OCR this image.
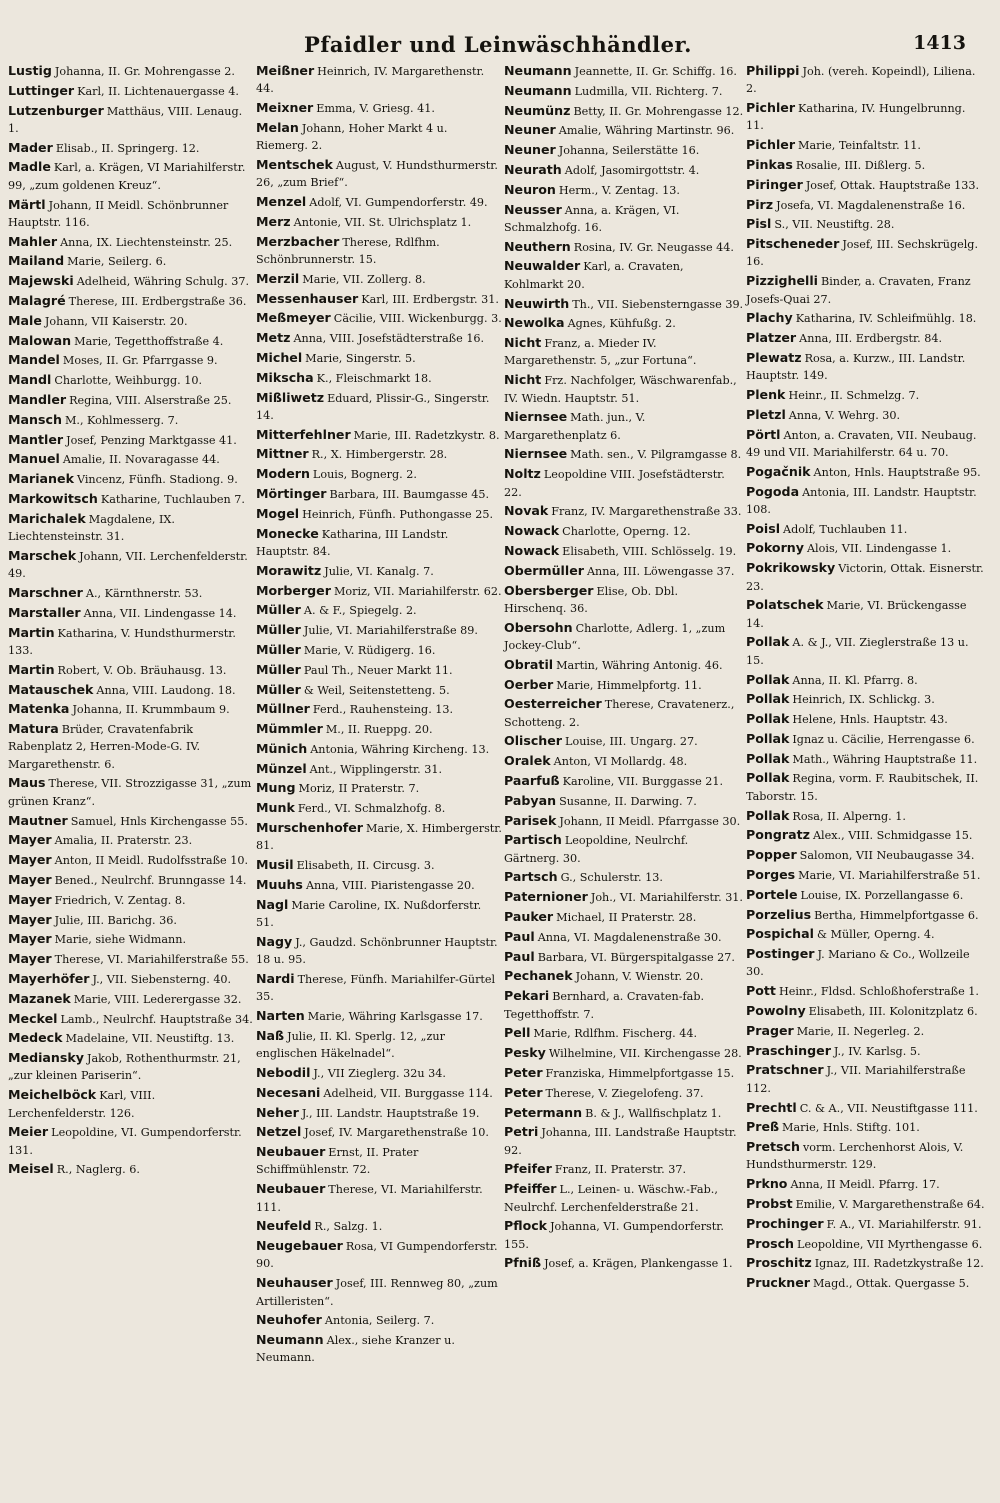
Pfaidler und Leinwäschhändler.	1413
Lustig Johanna, II. Gr. Mohrengasse 2.
Luttinger Karl, II. Lichtenauergasse 4.
Lutzenburger Matthäus, VIII. Lenaug. 1.
Mader Elisab., II. Springerg. 12.
Madle Karl, a. Krägen, VI Mariahilferstr. 99, „zum goldenen Kreuz“.
Märtl Johann, II Meidl. Schönbrunner Hauptstr. 116.
Mahler Anna, IX. Liechtensteinstr. 25.
Mailand Marie, Seilerg. 6.
Majewski Adelheid, Währing Schulg. 37.
Malagré Therese, III. Erdbergstraße 36.
Male Johann, VII Kaiserstr. 20.
Malowan Marie, Tegetthoffstraße 4.
Mandel Moses, II. Gr. Pfarrgasse 9.
Mandl Charlotte, Weihburgg. 10.
Mandler Regina, VIII. Alserstraße 25.
Mansch M., Kohlmesserg. 7.
Mantler Josef, Penzing Marktgasse 41.
Manuel Amalie, II. Novaragasse 44.
Marianek Vincenz, Fünfh. Stadiong. 9.
Markowitsch Katharine, Tuchlauben 7.
Marichalek Magdalene, IX. Liechtensteinstr. 31.
Marschek Johann, VII. Lerchenfelderstr. 49.
Marschner A., Kärnthnerstr. 53.
Marstaller Anna, VII. Lindengasse 14.
Martin Katharina, V. Hundsthurmerstr. 133.
Martin Robert, V. Ob. Bräuhausg. 13.
Matauschek Anna, VIII. Laudong. 18.
Matenka Johanna, II. Krummbaum 9.
Matura Brüder, Cravatenfabrik Rabenplatz 2, Herren-Mode-G. IV. Margarethenstr. 6.
Maus Therese, VII. Strozzigasse 31, „zum grünen Kranz“.
Mautner Samuel, Hnls Kirchengasse 55.
Mayer Amalia, II. Praterstr. 23.
Mayer Anton, II Meidl. Rudolfsstraße 10.
Mayer Bened., Neulrchf. Brunngasse 14.
Mayer Friedrich, V. Zentag. 8.
Mayer Julie, III. Barichg. 36.
Mayer Marie, siehe Widmann.
Mayer Therese, VI. Mariahilferstraße 55.
Mayerhöfer J., VII. Siebensterng. 40.
Mazanek Marie, VIII. Lederergasse 32.
Meckel Lamb., Neulrchf. Hauptstraße 34.
Medeck Madelaine, VII. Neustiftg. 13.
Mediansky Jakob, Rothenthurmstr. 21, „zur kleinen Pariserin“.
Meichelböck Karl, VIII. Lerchenfelderstr. 126.
Meier Leopoldine, VI. Gumpendorferstr. 131.
Meisel R., Naglerg. 6.
Meißner Heinrich, IV. Margarethenstr. 44.
Meixner Emma, V. Griesg. 41.
Melan Johann, Hoher Markt 4 u. Riemerg. 2.
Mentschek August, V. Hundsthurmerstr. 26, „zum Brief“.
Menzel Adolf, VI. Gumpendorferstr. 49.
Merz Antonie, VII. St. Ulrichsplatz 1.
Merzbacher Therese, Rdlfhm. Schönbrunnerstr. 15.
Merzil Marie, VII. Zollerg. 8.
Messenhauser Karl, III. Erdbergstr. 31.
Meßmeyer Cäcilie, VIII. Wickenburgg. 3.
Metz Anna, VIII. Josefstädterstraße 16.
Michel Marie, Singerstr. 5.
Mikscha K., Fleischmarkt 18.
Mißliwetz Eduard, Plissir-G., Singerstr. 14.
Mitterfehlner Marie, III. Radetzkystr. 8.
Mittner R., X. Himbergerstr. 28.
Modern Louis, Bognerg. 2.
Mörtinger Barbara, III. Baumgasse 45.
Mogel Heinrich, Fünfh. Puthongasse 25.
Monecke Katharina, III Landstr. Hauptstr. 84.
Morawitz Julie, VI. Kanalg. 7.
Morberger Moriz, VII. Mariahilferstr. 62.
Müller A. & F., Spiegelg. 2.
Müller Julie, VI. Mariahilferstraße 89.
Müller Marie, V. Rüdigerg. 16.
Müller Paul Th., Neuer Markt 11.
Müller & Weil, Seitenstetteng. 5.
Müllner Ferd., Rauhensteing. 13.
Mümmler M., II. Rueppg. 20.
Münich Antonia, Währing Kircheng. 13.
Münzel Ant., Wipplingerstr. 31.
Mung Moriz, II Praterstr. 7.
Munk Ferd., VI. Schmalzhofg. 8.
Murschenhofer Marie, X. Himbergerstr. 81.
Musil Elisabeth, II. Circusg. 3.
Muuhs Anna, VIII. Piaristengasse 20.
Nagl Marie Caroline, IX. Nußdorferstr. 51.
Nagy J., Gaudzd. Schönbrunner Hauptstr. 18 u. 95.
Nardi Therese, Fünfh. Mariahilfer-Gürtel 35.
Narten Marie, Währing Karlsgasse 17.
Naß Julie, II. Kl. Sperlg. 12, „zur englischen Häkelnadel“.
Nebodil J., VII Zieglerg. 32u 34.
Necesani Adelheid, VII. Burggasse 114.
Neher J., III. Landstr. Hauptstraße 19.
Netzel Josef, IV. Margarethenstraße 10.
Neubauer Ernst, II. Prater Schiffmühlenstr. 72.
Neubauer Therese, VI. Mariahilferstr. 111.
Neufeld R., Salzg. 1.
Neugebauer Rosa, VI Gumpendorferstr. 90.
Neuhauser Josef, III. Rennweg 80, „zum Artilleristen“.
Neuhofer Antonia, Seilerg. 7.
Neumann Alex., siehe Kranzer u. Neumann.
Neumann Jeannette, II. Gr. Schiffg. 16.
Neumann Ludmilla, VII. Richterg. 7.
Neumünz Betty, II. Gr. Mohrengasse 12.
Neuner Amalie, Währing Martinstr. 96.
Neuner Johanna, Seilerstätte 16.
Neurath Adolf, Jasomirgottstr. 4.
Neuron Herm., V. Zentag. 13.
Neusser Anna, a. Krägen, VI. Schmalzhofg. 16.
Neuthern Rosina, IV. Gr. Neugasse 44.
Neuwalder Karl, a. Cravaten, Kohlmarkt 20.
Neuwirth Th., VII. Siebensterngasse 39.
Newolka Agnes, Kühfußg. 2.
Nicht Franz, a. Mieder IV. Margarethenstr. 5, „zur Fortuna“.
Nicht Frz. Nachfolger, Wäschwarenfab., IV. Wiedn. Hauptstr. 51.
Niernsee Math. jun., V. Margarethenplatz 6.
Niernsee Math. sen., V. Pilgramgasse 8.
Noltz Leopoldine VIII. Josefstädterstr. 22.
Novak Franz, IV. Margarethenstraße 33.
Nowack Charlotte, Operng. 12.
Nowack Elisabeth, VIII. Schlösselg. 19.
Obermüller Anna, III. Löwengasse 37.
Obersberger Elise, Ob. Dbl. Hirschenq. 36.
Obersohn Charlotte, Adlerg. 1, „zum Jockey-Club“.
Obratil Martin, Währing Antonig. 46.
Oerber Marie, Himmelpfortg. 11.
Oesterreicher Therese, Cravatenerz., Schotteng. 2.
Olischer Louise, III. Ungarg. 27.
Oralek Anton, VI Mollardg. 48.
Paarfuß Karoline, VII. Burggasse 21.
Pabyan Susanne, II. Darwing. 7.
Parisek Johann, II Meidl. Pfarrgasse 30.
Partisch Leopoldine, Neulrchf. Gärtnerg. 30.
Partsch G., Schulerstr. 13.
Paternioner Joh., VI. Mariahilferstr. 31.
Pauker Michael, II Praterstr. 28.
Paul Anna, VI. Magdalenenstraße 30.
Paul Barbara, VI. Bürgerspitalgasse 27.
Pechanek Johann, V. Wienstr. 20.
Pekari Bernhard, a. Cravaten-fab. Tegetthoffstr. 7.
Pell Marie, Rdlfhm. Fischerg. 44.
Pesky Wilhelmine, VII. Kirchengasse 28.
Peter Franziska, Himmelpfortgasse 15.
Peter Therese, V. Ziegelofeng. 37.
Petermann B. & J., Wallfischplatz 1.
Petri Johanna, III. Landstraße Hauptstr. 92.
Pfeifer Franz, II. Praterstr. 37.
Pfeiffer L., Leinen- u. Wäschw.-Fab., Neulrchf. Lerchenfelderstraße 21.
Pflock Johanna, VI. Gumpendorferstr. 155.
Pfniß Josef, a. Krägen, Plankengasse 1.
Philippi Joh. (vereh. Kopeindl), Liliena. 2.
Pichler Katharina, IV. Hungelbrunng. 11.
Pichler Marie, Teinfaltstr. 11.
Pinkas Rosalie, III. Dißlerg. 5.
Piringer Josef, Ottak. Hauptstraße 133.
Pirz Josefa, VI. Magdalenenstraße 16.
Pisl S., VII. Neustiftg. 28.
Pitscheneder Josef, III. Sechskrügelg. 16.
Pizzighelli Binder, a. Cravaten, Franz Josefs-Quai 27.
Plachy Katharina, IV. Schleifmühlg. 18.
Platzer Anna, III. Erdbergstr. 84.
Plewatz Rosa, a. Kurzw., III. Landstr. Hauptstr. 149.
Plenk Heinr., II. Schmelzg. 7.
Pletzl Anna, V. Wehrg. 30.
Pörtl Anton, a. Cravaten, VII. Neubaug. 49 und VII. Mariahilferstr. 64 u. 70.
Pogačnik Anton, Hnls. Hauptstraße 95.
Pogoda Antonia, III. Landstr. Hauptstr. 108.
Poisl Adolf, Tuchlauben 11.
Pokorny Alois, VII. Lindengasse 1.
Pokrikowsky Victorin, Ottak. Eisnerstr. 23.
Polatschek Marie, VI. Brückengasse 14.
Pollak A. & J., VII. Zieglerstraße 13 u. 15.
Pollak Anna, II. Kl. Pfarrg. 8.
Pollak Heinrich, IX. Schlickg. 3.
Pollak Helene, Hnls. Hauptstr. 43.
Pollak Ignaz u. Cäcilie, Herrengasse 6.
Pollak Math., Währing Hauptstraße 11.
Pollak Regina, vorm. F. Raubitschek, II. Taborstr. 15.
Pollak Rosa, II. Alperng. 1.
Pongratz Alex., VIII. Schmidgasse 15.
Popper Salomon, VII Neubaugasse 34.
Porges Marie, VI. Mariahilferstraße 51.
Portele Louise, IX. Porzellangasse 6.
Porzelius Bertha, Himmelpfortgasse 6.
Pospichal & Müller, Operng. 4.
Postinger J. Mariano & Co., Wollzeile 30.
Pott Heinr., Fldsd. Schloßhoferstraße 1.
Powolny Elisabeth, III. Kolonitzplatz 6.
Prager Marie, II. Negerleg. 2.
Praschinger J., IV. Karlsg. 5.
Pratschner J., VII. Mariahilferstraße 112.
Prechtl C. & A., VII. Neustiftgasse 111.
Preß Marie, Hnls. Stiftg. 101.
Pretsch vorm. Lerchenhorst Alois, V. Hundsthurmerstr. 129.
Prkno Anna, II Meidl. Pfarrg. 17.
Probst Emilie, V. Margarethenstraße 64.
Prochinger F. A., VI. Mariahilferstr. 91.
Prosch Leopoldine, VII Myrthengasse 6.
Proschitz Ignaz, III. Radetzkystraße 12.
Pruckner Magd., Ottak. Quergasse 5.
